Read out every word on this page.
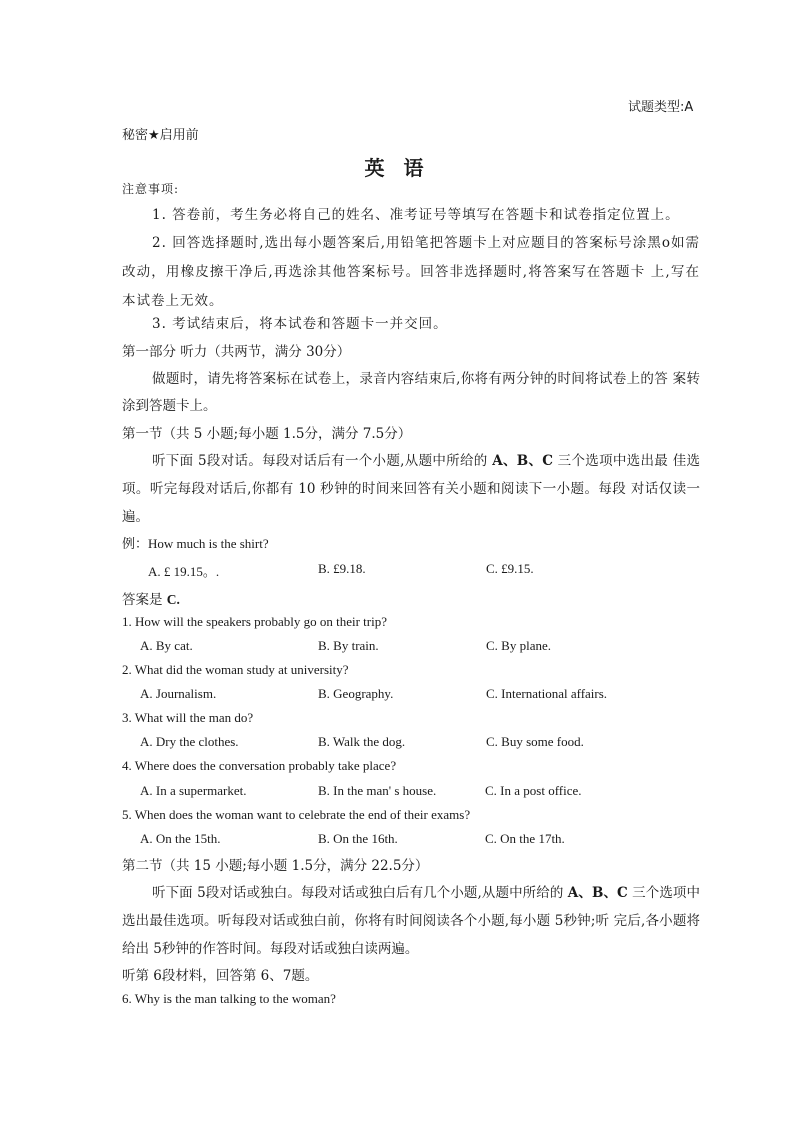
试题类型:A
秘密★启用前
英 语
注意事项:
1. 答卷前，考生务必将自己的姓名、准考证号等填写在答题卡和试卷指定位置上。
2. 回答选择题时,选出每小题答案后,用铅笔把答题卡上对应题目的答案标号涂黑o如需改动，用橡皮擦干净后,再选涂其他答案标号。回答非选择题时,将答案写在答题卡 上,写在本试卷上无效。
3. 考试结束后，将本试卷和答题卡一并交回。
第一部分 听力（共两节，满分 30分）
做题时，请先将答案标在试卷上，录音内容结束后,你将有两分钟的时间将试卷上的答 案转涂到答题卡上。
第一节（共 5 小题;每小题 1.5分，满分 7.5分）
听下面 5段对话。每段对话后有一个小题,从题中所给的 A、B、C 三个选项中选出最 佳选项。听完每段对话后,你都有 10 秒钟的时间来回答有关小题和阅读下一小题。每段 对话仅读一遍。
例：How much is the shirt?
A. £ 19.15。.	B. £9.18.	C. £9.15.
答案是 C.
1. How will the speakers probably go on their trip?
A. By cat.	B. By train.	C. By plane.
2. What did the woman study at university?
A. Journalism.	B. Geography.	C. International affairs.
3. What will the man do?
A. Dry the clothes.	B. Walk the dog.	C. Buy some food.
4. Where does the conversation probably take place?
A. In a supermarket.	B. In the man' s house.	C. In a post office.
5. When does the woman want to celebrate the end of their exams?
A. On the 15th.	B. On the 16th.	C. On the 17th.
第二节（共 15 小题;每小题 1.5分，满分 22.5分）
听下面 5段对话或独白。每段对话或独白后有几个小题,从题中所给的 A、B、C 三个选项中选出最佳选项。听每段对话或独白前，你将有时间阅读各个小题,每小题 5秒钟;听 完后,各小题将给出 5秒钟的作答时间。每段对话或独白读两遍。
听第 6段材料，回答第 6、7题。
6. Why is the man talking to the woman?
